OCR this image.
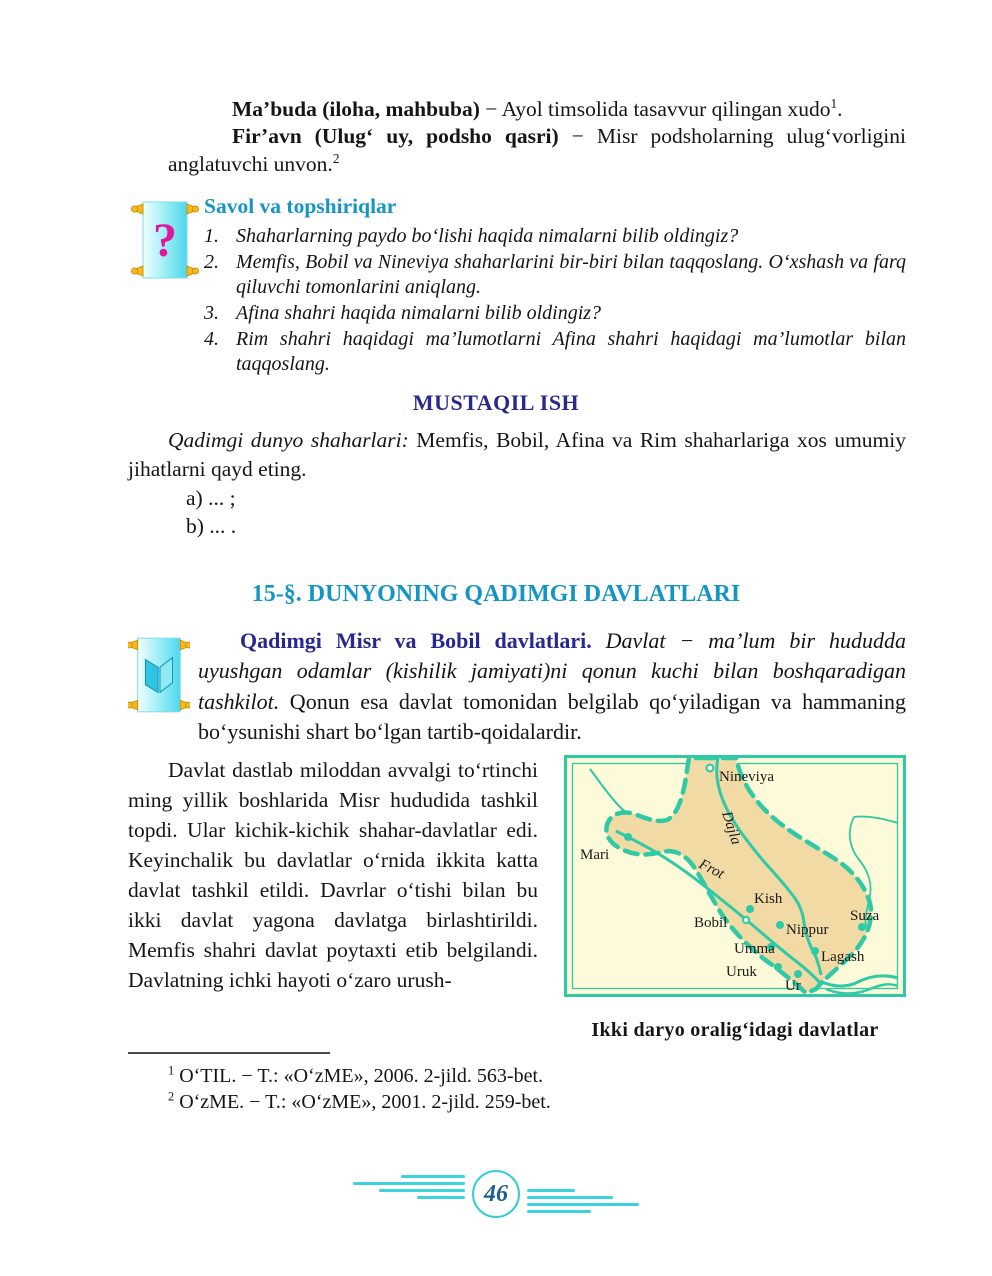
Ma’buda (iloha, mahbuba) − Ayol timsolida tasavvur qilingan xudo$^1$.

Fir’avn (Ulug‘ uy, podsho qasri) − Misr podsholarning ulug‘vorligini anglatuvchi unvon.$^2$

?
Savol va topshiriqlar
1. Shaharlarning paydo bo‘lishi haqida nimalarni bilib oldingiz?
2. Memfis, Bobil va Nineviya shaharlarini bir-biri bilan taqqoslang. O‘xshash va farq qiluvchi tomonlarini aniqlang.
3. Afina shahri haqida nimalarni bilib oldingiz?
4. Rim shahri haqidagi ma’lumotlarni Afina shahri haqidagi ma’lumotlar bilan taqqoslang.
MUSTAQIL ISH

Qadimgi dunyo shaharlari: Memfis, Bobil, Afina va Rim shaharlariga xos umumiy jihatlarni qayd eting.

a) ... ;
b) ... .
15-§. DUNYONING QADIMGI DAVLATLARI

Qadimgi Misr va Bobil davlatlari. Davlat − ma’lum bir hududda uyushgan odamlar (kishilik jamiyati)ni qonun kuchi bilan boshqaradigan tashkilot. Qonun esa davlat tomonidan belgilab qo‘yiladigan va hammaning bo‘ysunishi shart bo‘lgan tartib-qoidalardir.

Davlat dastlab miloddan avvalgi to‘rtinchi ming yillik boshlarida Misr hududida tashkil topdi. Ular kichik-kichik shahar-davlatlar edi. Keyinchalik bu davlatlar o‘rnida ikkita katta davlat tashkil etildi. Davrlar o‘tishi bilan bu ikki davlat yagona davlatga birlashtirildi. Memfis shahri davlat poytaxti etib belgilandi. Davlatning ichki hayoti o‘zaro urush-

Nineviya
Mari
Kish
Bobil	Nippur
Umma	Lagash
Uruk
Ur
Suza
Dajla
Frot
Ikki daryo oralig‘idagi davlatlar

$^1$ O‘TIL. − T.: «O‘zME», 2006. 2-jild. 563-bet.

$^2$ O‘zME. − T.: «O‘zME», 2001. 2-jild. 259-bet.

46
